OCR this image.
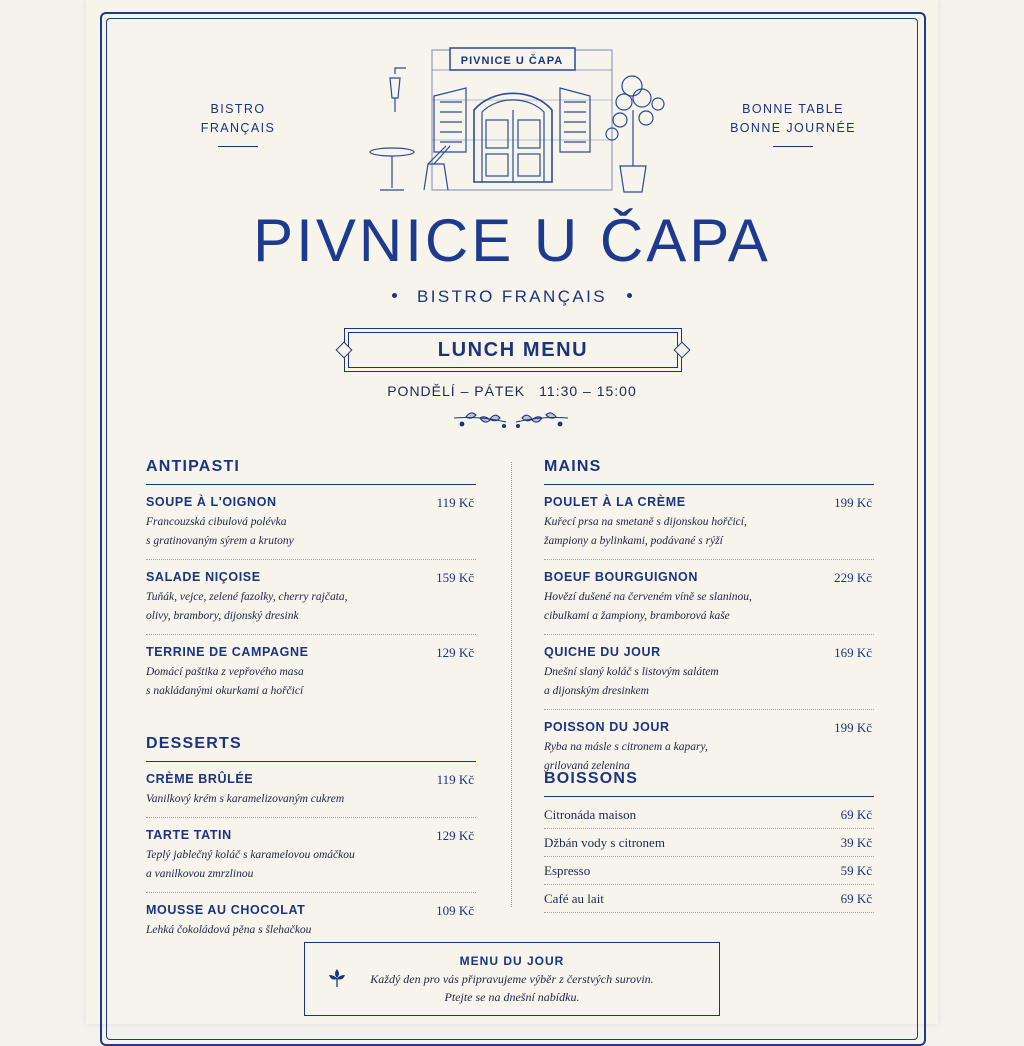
BISTRO
FRANÇAIS
BONNE TABLE
BONNE JOURNÉE
PIVNICE U ČAPA
PIVNICE U ČAPA
BISTRO FRANÇAIS
LUNCH MENU
PONDĚLÍ – PÁTEK 11:30 – 15:00
ANTIPASTI
SOUPE À L'OIGNON	119 Kč
Francouzská cibulová polévka
s gratinovaným sýrem a krutony
SALADE NIÇOISE	159 Kč
Tuňák, vejce, zelené fazolky, cherry rajčata,
olivy, brambory, dijonský dresink
TERRINE DE CAMPAGNE	129 Kč
Domácí paštika z vepřového masa
s nakládanými okurkami a hořčicí
DESSERTS
CRÈME BRÛLÉE	119 Kč
Vanilkový krém s karamelizovaným cukrem
TARTE TATIN	129 Kč
Teplý jablečný koláč s karamelovou omáčkou
a vanilkovou zmrzlinou
MOUSSE AU CHOCOLAT	109 Kč
Lehká čokoládová pěna s šlehačkou
MAINS
POULET À LA CRÈME	199 Kč
Kuřecí prsa na smetaně s dijonskou hořčicí,
žampiony a bylinkami, podávané s rýží
BOEUF BOURGUIGNON	229 Kč
Hovězí dušené na červeném víně se slaninou,
cibulkami a žampiony, bramborová kaše
QUICHE DU JOUR	169 Kč
Dnešní slaný koláč s listovým salátem
a dijonským dresinkem
POISSON DU JOUR	199 Kč
Ryba na másle s citronem a kapary,
grilovaná zelenina
BOISSONS
Citronáda maison	69 Kč
Džbán vody s citronem	39 Kč
Espresso	59 Kč
Café au lait	69 Kč
MENU DU JOUR
Každý den pro vás připravujeme výběr z čerstvých surovin.
Ptejte se na dnešní nabídku.
